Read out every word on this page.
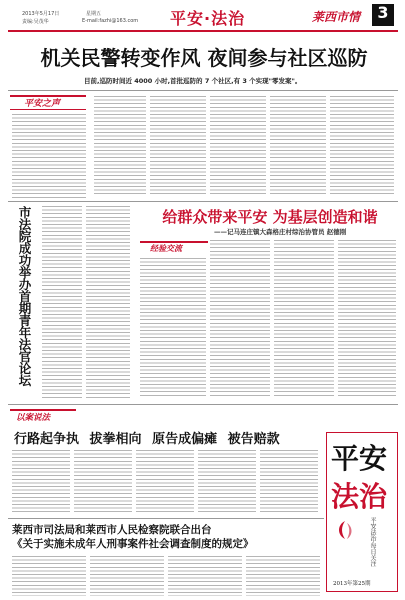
2013年5月17日	星期五
责编:吴茂华	E-mail:fazhi@163.com 平安·法治	莱西市情	3
机关民警转变作风 夜间参与社区巡防
目前,巡防时间近 4000 小时,首批巡防的 7 个社区,有 3 个实现"零发案"。
平安之声
市法院成功举办首期青年法官论坛	给群众带来平安 为基层创造和谐
——记马连庄镇大森格庄村综治协管员 赵德刚
经验交流
以案说法
行路起争执 拔拳相向 原告成偏瘫 被告赔款
平安
法治
平安法治·每日关注
2013年第25期
莱西市司法局和莱西市人民检察院联合出台
《关于实施未成年人刑事案件社会调查制度的规定》
